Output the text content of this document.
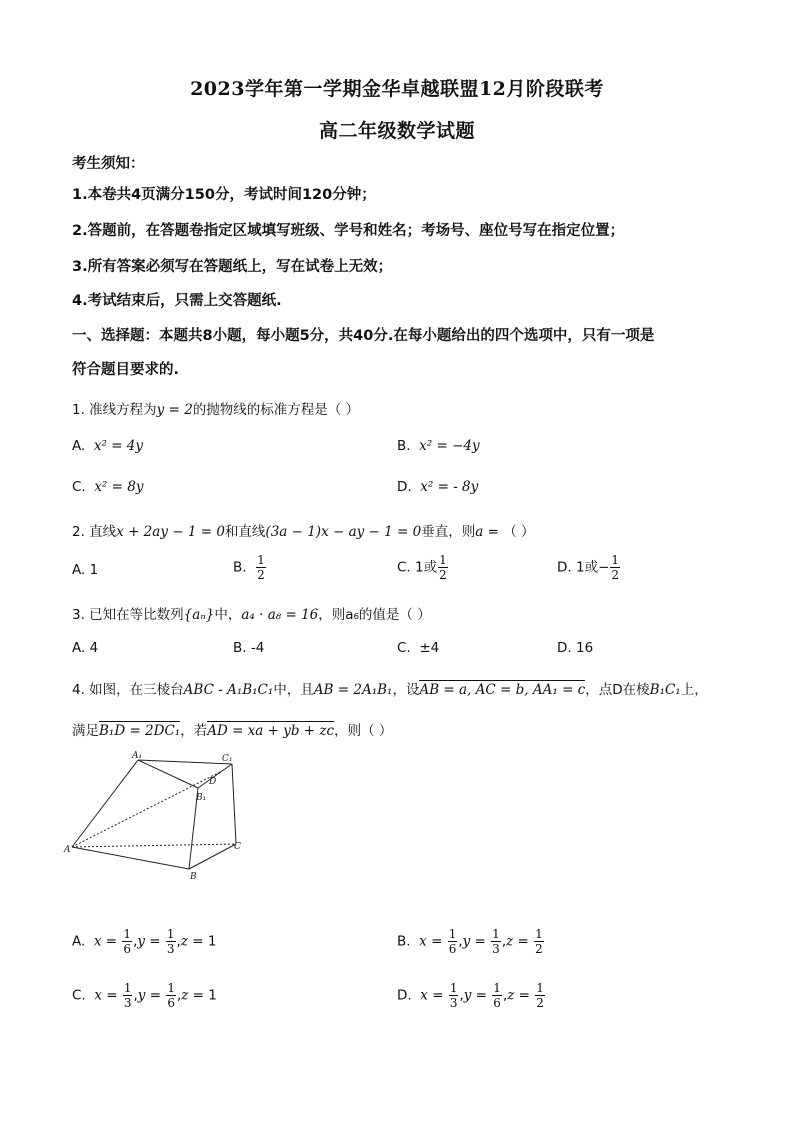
2023学年第一学期金华卓越联盟12月阶段联考
高二年级数学试题
考生须知：
1.本卷共4页满分150分，考试时间120分钟；
2.答题前，在答题卷指定区域填写班级、学号和姓名；考场号、座位号写在指定位置；
3.所有答案必须写在答题纸上，写在试卷上无效；
4.考试结束后，只需上交答题纸.
一、选择题：本题共8小题，每小题5分，共40分.在每小题给出的四个选项中，只有一项是
符合题目要求的.
1. 准线方程为y = 2的抛物线的标准方程是（ ）
A. x² = 4y	B. x² = −4y
C. x² = 8y	D. x² = - 8y
2. 直线x + 2ay − 1 = 0和直线(3a − 1)x − ay − 1 = 0垂直，则a = （ ）
A. 1	B. $\frac{1}{2}$	C. 1或 $\frac{1}{2}$	D. 1或− $\frac{1}{2}$
3. 已知在等比数列{aₙ}中，a₄ · a₈ = 16，则a₆的值是（ ）
A. 4	B. -4	C. ±4	D. 16
4. 如图，在三棱台ABC - A₁B₁C₁中，且AB = 2A₁B₁，设AB = a, AC = b, AA₁ = c，点D在棱B₁C₁上，
满足B₁D = 2DC₁，若AD = xa + yb + zc，则（ ）
A₁	C₁
D
B₁
A	C
B
A. $x = \frac{1}{6} ,y = \frac{1}{3} ,z = 1$	B. $x = \frac{1}{6} ,y = \frac{1}{3} ,z = \frac{1}{2}$
C. $x = \frac{1}{3} ,y = \frac{1}{6} ,z = 1$	D. $x = \frac{1}{3} ,y = \frac{1}{6} ,z = \frac{1}{2}$
